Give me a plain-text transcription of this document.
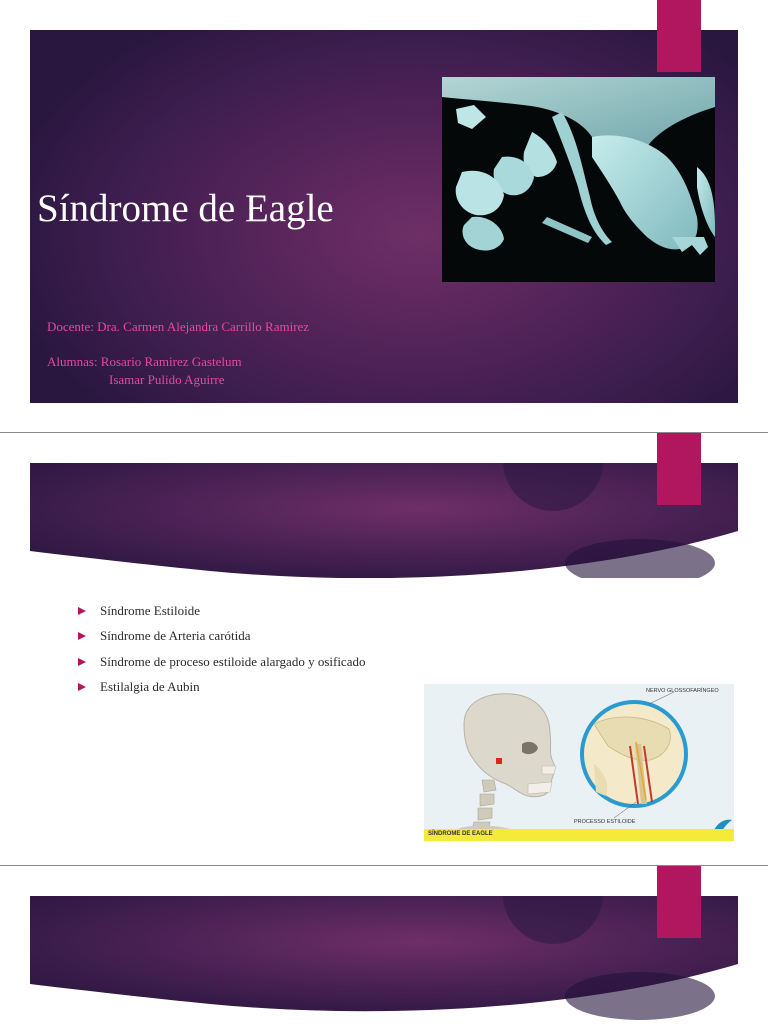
Síndrome de Eagle
Docente: Dra. Carmen Alejandra Carrillo Ramirez
Alumnas: Rosario Ramirez Gastelum
Isamar Pulido Aguirre
Síndrome Estiloide
Síndrome de Arteria carótida
Síndrome de proceso estiloide alargado y osificado
Estilalgia de Aubin	NERVO GLOSSOFARÍNGEO
PROCESSO ESTILOIDE
SÍNDROME DE EAGLE
